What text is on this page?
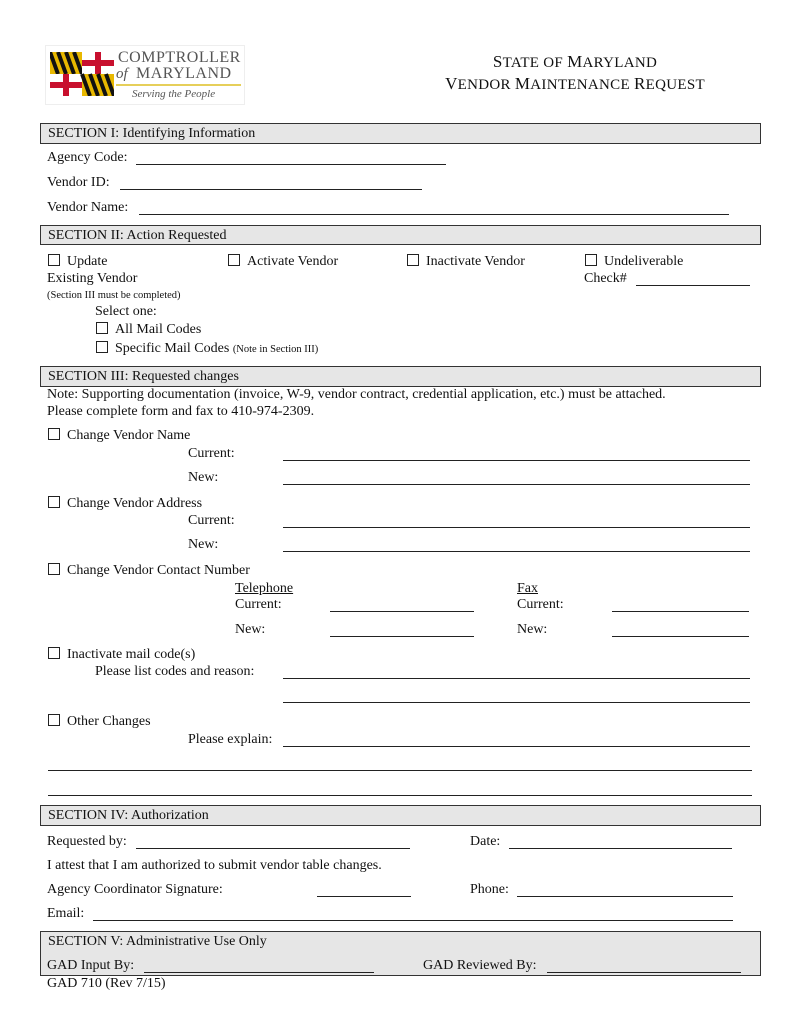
COMPTROLLER
of MARYLAND
Serving the People
STATE OF MARYLAND
VENDOR MAINTENANCE REQUEST
SECTION I: Identifying Information
Agency Code:
Vendor ID:
Vendor Name:
SECTION II: Action Requested
Update
Existing Vendor
(Section III must be completed)
Activate Vendor	Inactivate Vendor	Undeliverable
Check#
Select one:
All Mail Codes
Specific Mail Codes (Note in Section III)
SECTION III: Requested changes
Note: Supporting documentation (invoice, W-9, vendor contract, credential application, etc.) must be attached.
Please complete form and fax to 410-974-2309.
Change Vendor Name
Current:
New:
Change Vendor Address
Current:
New:
Change Vendor Contact Number
Telephone	Fax
Current:	Current:
New:	New:
Inactivate mail code(s)
Please list codes and reason:
Other Changes
Please explain:
SECTION IV: Authorization
Requested by:	Date:
I attest that I am authorized to submit vendor table changes.
Agency Coordinator Signature:	Phone:
Email:
SECTION V: Administrative Use Only
GAD Input By:	GAD Reviewed By:
GAD 710 (Rev 7/15)
